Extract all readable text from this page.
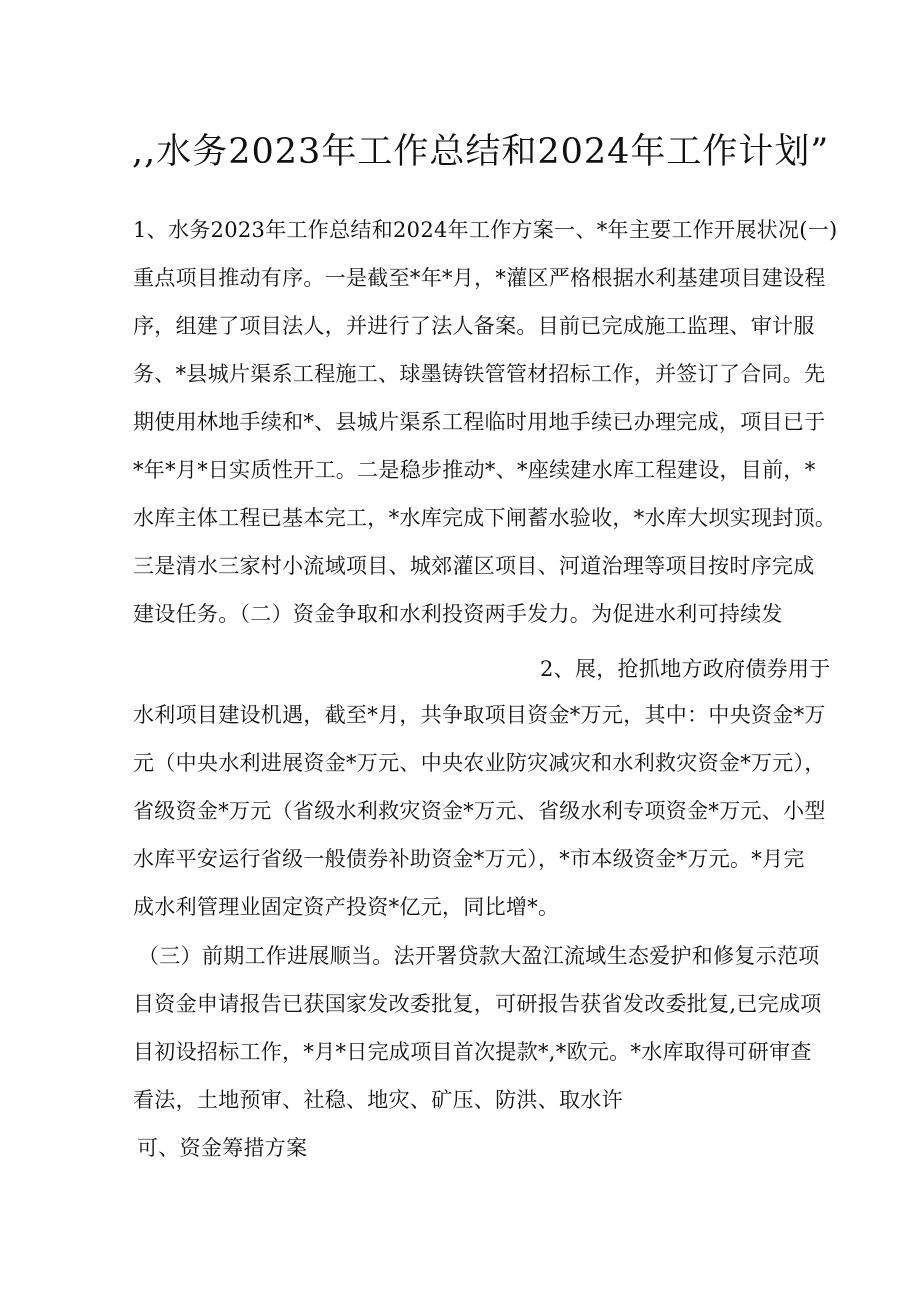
,,水务2023年工作总结和2024年工作计划”
1、水务2023年工作总结和2024年工作方案一、*年主要工作开展状况(一)
重点项目推动有序。一是截至*年*月，*灌区严格根据水利基建项目建设程
序，组建了项目法人，并进行了法人备案。目前已完成施工监理、审计服
务、*县城片渠系工程施工、球墨铸铁管管材招标工作，并签订了合同。先
期使用林地手续和*、县城片渠系工程临时用地手续已办理完成，项目已于
*年*月*日实质性开工。二是稳步推动*、*座续建水库工程建设，目前，*
水库主体工程已基本完工，*水库完成下闸蓄水验收，*水库大坝实现封顶。
三是清水三家村小流域项目、城郊灌区项目、河道治理等项目按时序完成
建设任务。（二）资金争取和水利投资两手发力。为促进水利可持续发
2、展，抢抓地方政府债券用于
水利项目建设机遇，截至*月，共争取项目资金*万元，其中：中央资金*万
元（中央水利进展资金*万元、中央农业防灾减灾和水利救灾资金*万元），
省级资金*万元（省级水利救灾资金*万元、省级水利专项资金*万元、小型
水库平安运行省级一般债券补助资金*万元），*市本级资金*万元。*月完
成水利管理业固定资产投资*亿元，同比增*。
（三）前期工作进展顺当。法开署贷款大盈江流域生态爱护和修复示范项
目资金申请报告已获国家发改委批复，可研报告获省发改委批复,已完成项
目初设招标工作，*月*日完成项目首次提款*,*欧元。*水库取得可研审查
看法，土地预审、社稳、地灾、矿压、防洪、取水许
可、资金筹措方案
